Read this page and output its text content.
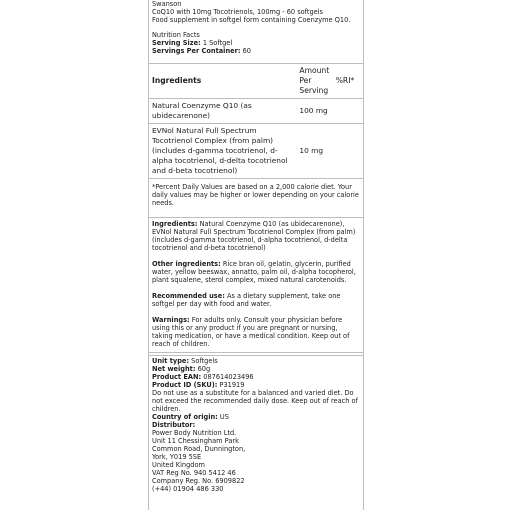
Swanson

CoQ10 with 10mg Tocotrienols, 100mg - 60 softgels

Food supplement in softgel form containing Coenzyme Q10.

Nutrition Facts

Serving Size: 1 Softgel

Servings Per Container: 60

Ingredients	Amount Per Serving	%RI*
Natural Coenzyme Q10 (as ubidecarenone)	100 mg	
EVNol Natural Full Spectrum Tocotrienol Complex (from palm) (includes d-gamma tocotrienol, d-alpha tocotrienol, d-delta tocotrienol and d-beta tocotrienol)	10 mg	

*Percent Daily Values are based on a 2,000 calorie diet. Your daily values may be higher or lower depending on your calorie needs.

Ingredients: Natural Coenzyme Q10 (as ubidecarenone), EVNol Natural Full Spectrum Tocotrienol Complex (from palm) (includes d-gamma tocotrienol, d-alpha tocotrienol, d-delta tocotrienol and d-beta tocotrienol)

Other ingredients: Rice bran oil, gelatin, glycerin, purified water, yellow beeswax, annatto, palm oil, d-alpha tocopherol, plant squalene, sterol complex, mixed natural carotenoids.

Recommended use: As a dietary supplement, take one softgel per day with food and water.

Warnings: For adults only. Consult your physician before using this or any product if you are pregnant or nursing, taking medication, or have a medical condition. Keep out of reach of children.

Unit type: Softgels

Net weight: 60g

Product EAN: 087614023496

Product ID (SKU): P31919

Do not use as a substitute for a balanced and varied diet. Do not exceed the recommended daily dose. Keep out of reach of children.

Country of origin: US

Distributor:

Power Body Nutrition Ltd.

Unit 11 Chessingham Park

Common Road, Dunnington,

York, Y019 5SE

United Kingdom

VAT Reg No. 940 5412 46

Company Reg. No. 6909822

(+44) 01904 486 330
